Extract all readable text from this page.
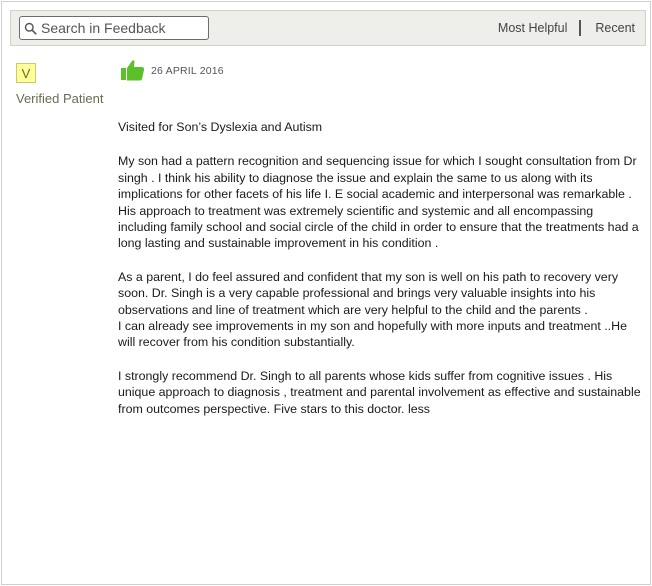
Search in Feedback	Most Helpful Recent
V
Verified Patient
26 APRIL 2016
Visited for Son’s Dyslexia and Autism

My son had a pattern recognition and sequencing issue for which I sought consultation from Dr singh . I think his ability to diagnose the issue and explain the same to us along with its implications for other facets of his life I. E social academic and interpersonal was remarkable . His approach to treatment was extremely scientific and systemic and all encompassing including family school and social circle of the child in order to ensure that the treatments had a long lasting and sustainable improvement in his condition .

As a parent, I do feel assured and confident that my son is well on his path to recovery very soon. Dr. Singh is a very capable professional and brings very valuable insights into his observations and line of treatment which are very helpful to the child and the parents .
I can already see improvements in my son and hopefully with more inputs and treatment ..He will recover from his condition substantially.

I strongly recommend Dr. Singh to all parents whose kids suffer from cognitive issues . His unique approach to diagnosis , treatment and parental involvement as effective and sustainable from outcomes perspective. Five stars to this doctor. less
